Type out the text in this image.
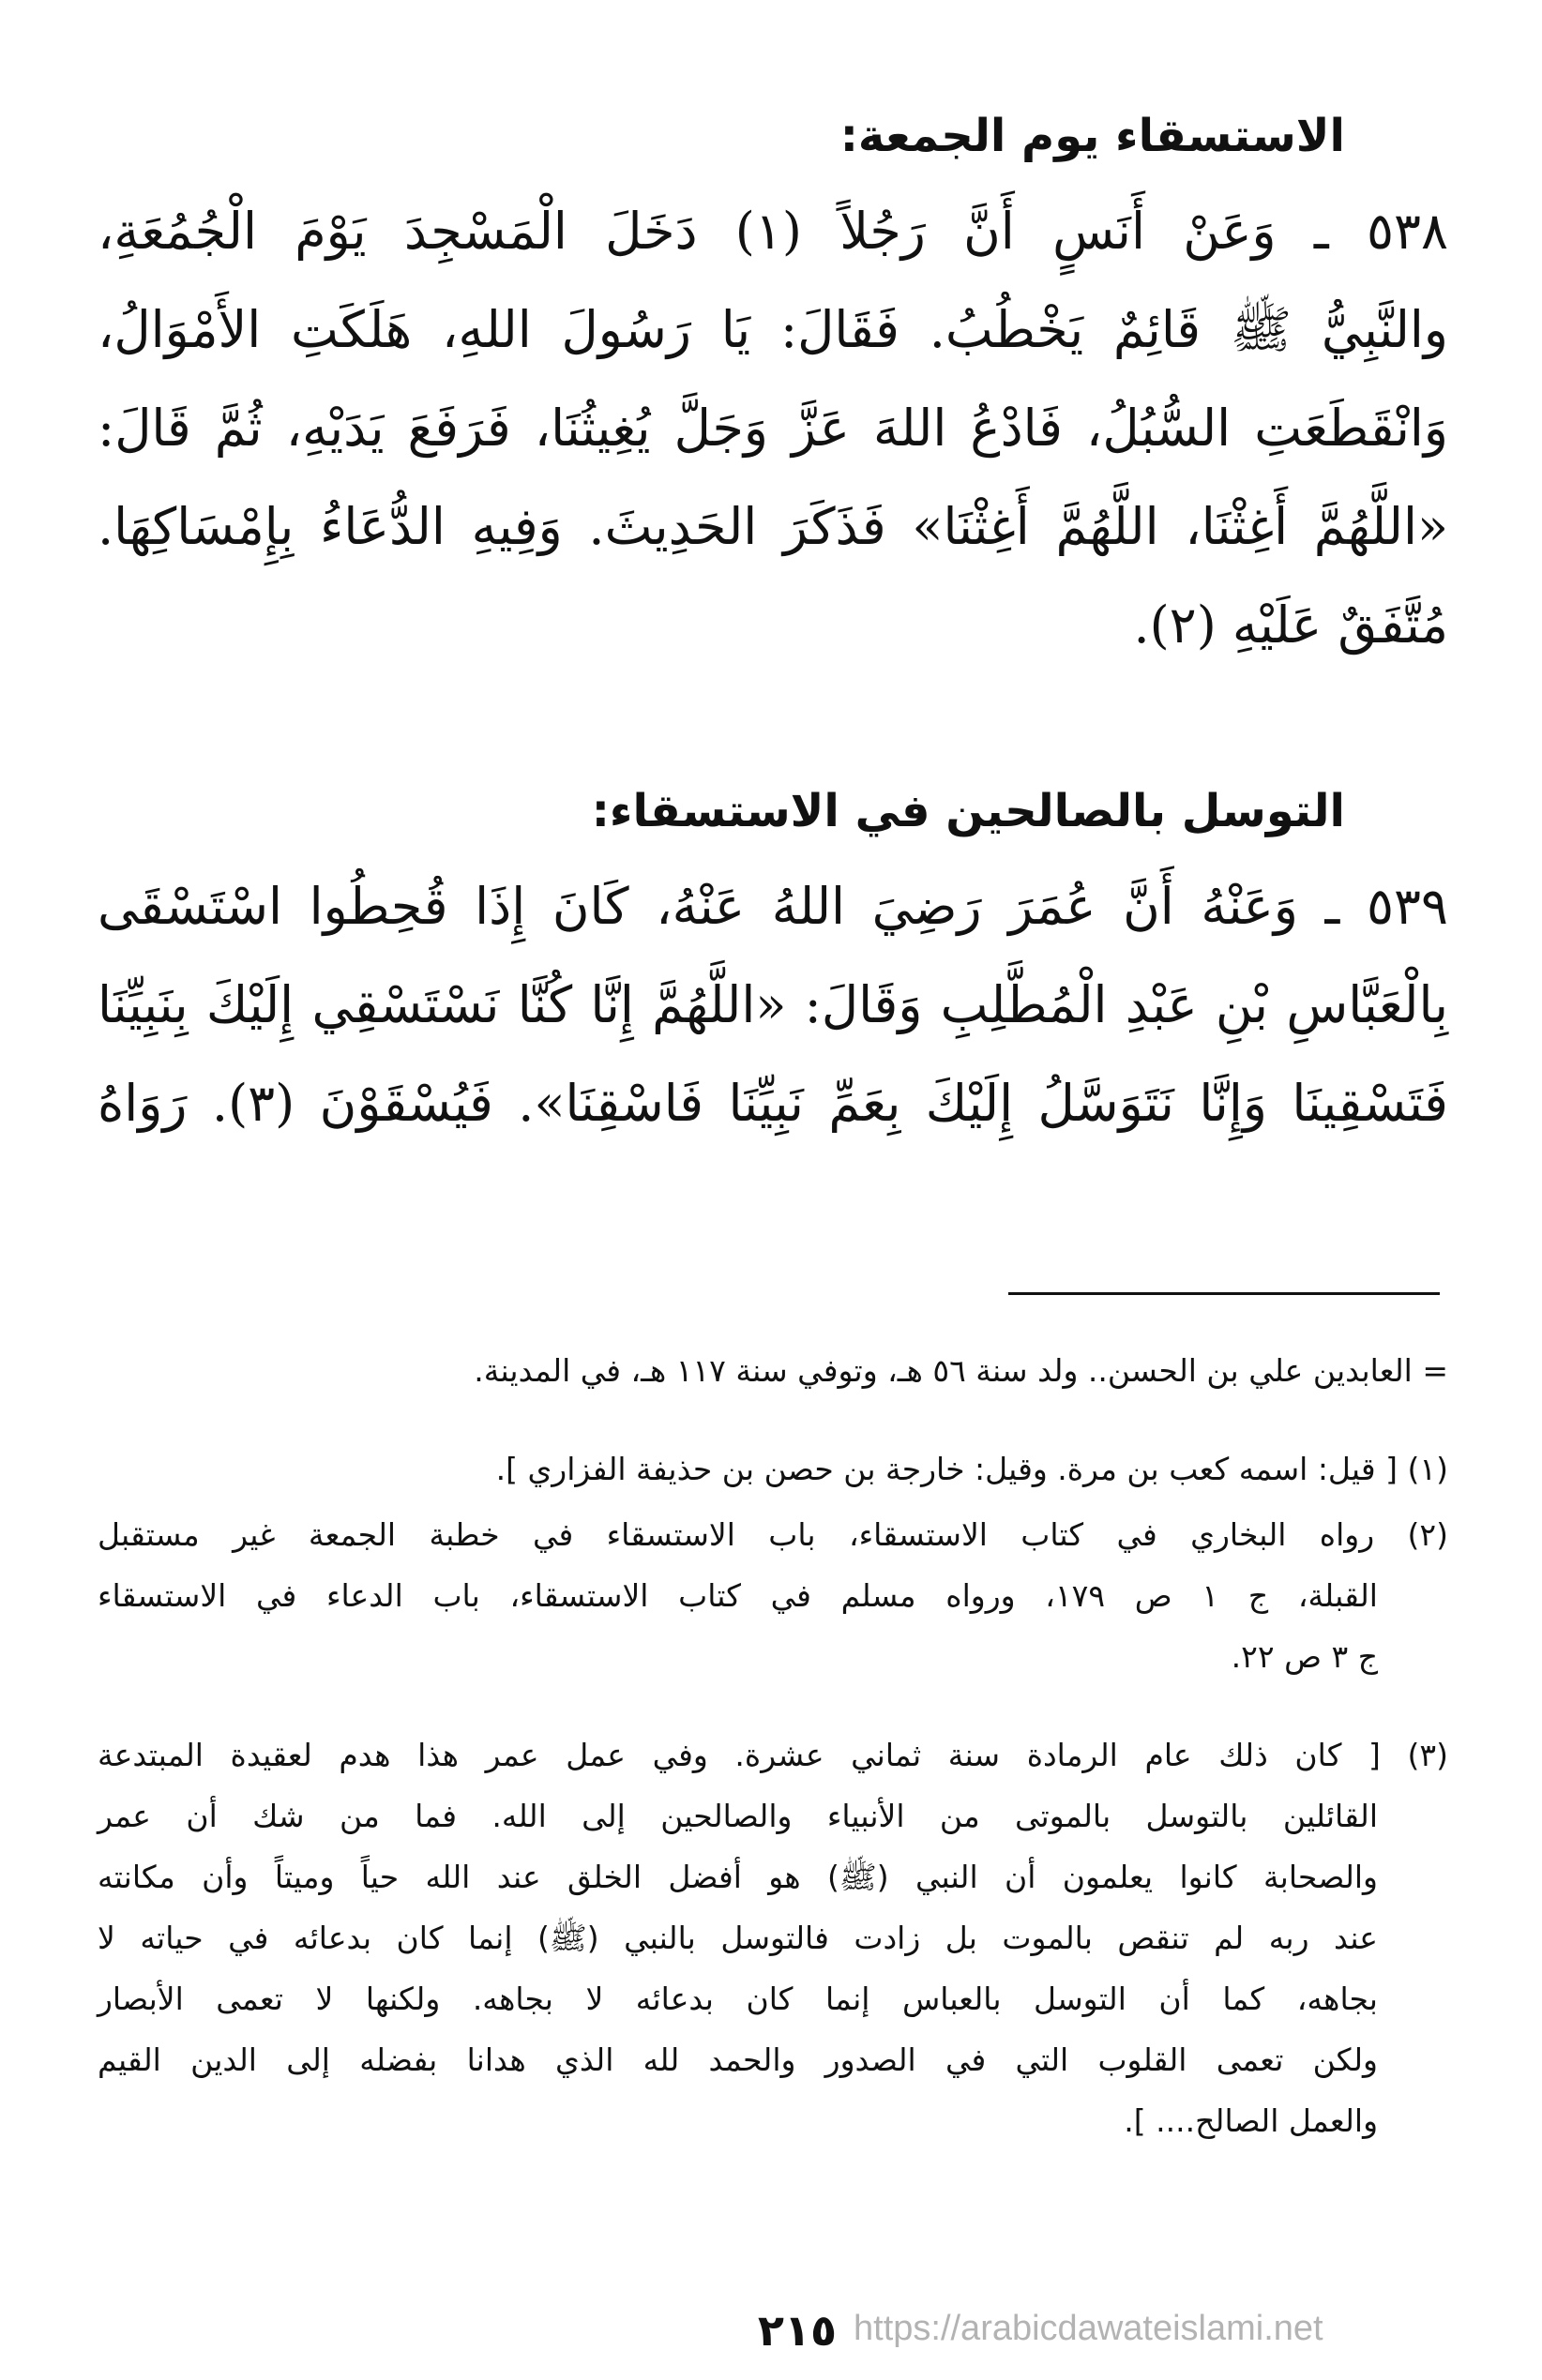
الاستسقاء يوم الجمعة:
٥٣٨ ـ وَعَنْ أَنَسٍ أَنَّ رَجُلاً (١) دَخَلَ الْمَسْجِدَ يَوْمَ الْجُمُعَةِ،
والنَّبِيُّ ﷺ قَائِمٌ يَخْطُبُ. فَقَالَ: يَا رَسُولَ اللهِ، هَلَكَتِ الأَمْوَالُ،
وَانْقَطَعَتِ السُّبُلُ، فَادْعُ اللهَ عَزَّ وَجَلَّ يُغِيثُنَا، فَرَفَعَ يَدَيْهِ، ثُمَّ قَالَ:
«اللَّهُمَّ أَغِثْنَا، اللَّهُمَّ أَغِثْنَا» فَذَكَرَ الحَدِيثَ. وَفِيهِ الدُّعَاءُ بِإِمْسَاكِهَا.
مُتَّفَقٌ عَلَيْهِ (٢).
التوسل بالصالحين في الاستسقاء:
٥٣٩ ـ وَعَنْهُ أَنَّ عُمَرَ رَضِيَ اللهُ عَنْهُ، كَانَ إِذَا قُحِطُوا اسْتَسْقَى
بِالْعَبَّاسِ بْنِ عَبْدِ الْمُطَّلِبِ وَقَالَ: «اللَّهُمَّ إِنَّا كُنَّا نَسْتَسْقِي إِلَيْكَ بِنَبِيِّنَا
فَتَسْقِينَا وَإِنَّا نَتَوَسَّلُ إِلَيْكَ بِعَمِّ نَبِيِّنَا فَاسْقِنَا». فَيُسْقَوْنَ (٣). رَوَاهُ
= العابدين علي بن الحسن.. ولد سنة ٥٦ هـ، وتوفي سنة ١١٧ هـ، في المدينة.
(١) [ قيل: اسمه كعب بن مرة. وقيل: خارجة بن حصن بن حذيفة الفزاري ].
(٢) رواه البخاري في كتاب الاستسقاء، باب الاستسقاء في خطبة الجمعة غير مستقبل
القبلة، ج ١ ص ١٧٩، ورواه مسلم في كتاب الاستسقاء، باب الدعاء في الاستسقاء
ج ٣ ص ٢٢.
(٣) [ كان ذلك عام الرمادة سنة ثماني عشرة. وفي عمل عمر هذا هدم لعقيدة المبتدعة
القائلين بالتوسل بالموتى من الأنبياء والصالحين إلى الله. فما من شك أن عمر
والصحابة كانوا يعلمون أن النبي (ﷺ) هو أفضل الخلق عند الله حياً وميتاً وأن مكانته
عند ربه لم تنقص بالموت بل زادت فالتوسل بالنبي (ﷺ) إنما كان بدعائه في حياته لا
بجاهه، كما أن التوسل بالعباس إنما كان بدعائه لا بجاهه. ولكنها لا تعمى الأبصار
ولكن تعمى القلوب التي في الصدور والحمد لله الذي هدانا بفضله إلى الدين القيم
والعمل الصالح.... ].
٢١٥ https://arabicdawateislami.net
